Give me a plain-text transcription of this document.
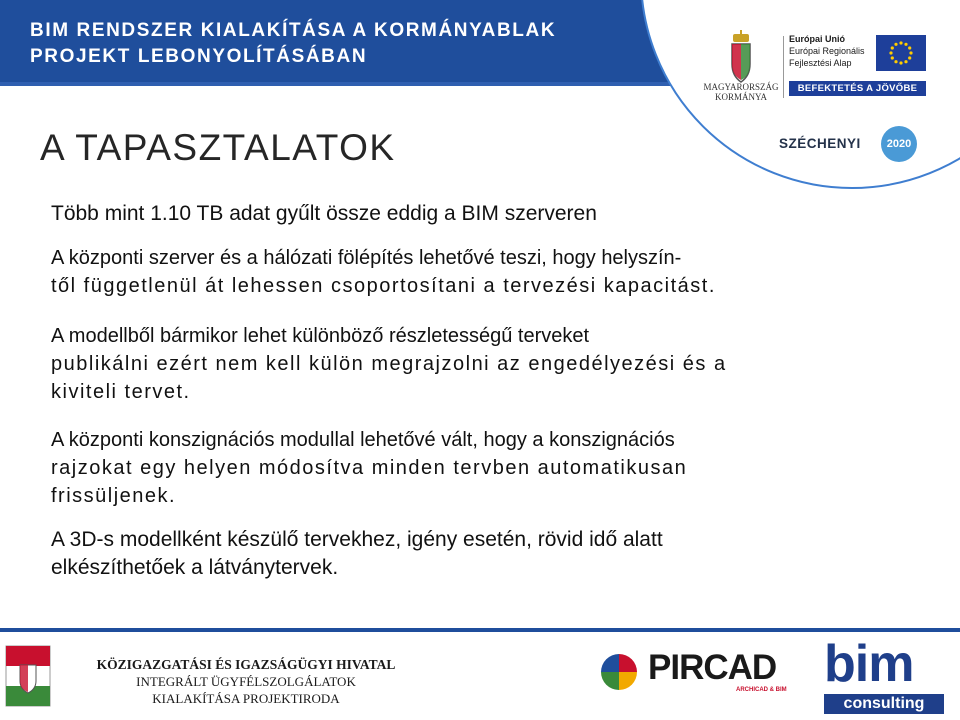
BIM RENDSZER KIALAKÍTÁSA A KORMÁNYABLAK
PROJEKT LEBONYOLÍTÁSÁBAN
MAGYARORSZÁG
KORMÁNYA
Európai Unió
Európai Regionális
Fejlesztési Alap
BEFEKTETÉS A JÖVŐBE
SZÉCHENYI	2020
A TAPASZTALATOK
Több mint 1.10 TB adat gyűlt össze eddig a BIM szerveren
A központi szerver és a hálózati fölépítés lehetővé teszi, hogy helyszín-
től függetlenül át lehessen csoportosítani a tervezési kapacitást.
A modellből bármikor lehet különböző részletességű terveket
publikálni ezért nem kell külön megrajzolni az engedélyezési és a
kiviteli tervet.
A központi konszignációs modullal lehetővé vált, hogy a konszignációs
rajzokat egy helyen módosítva minden tervben automatikusan
frissüljenek.
A 3D-s modellként készülő tervekhez, igény esetén, rövid idő alatt
elkészíthetőek a látványtervek.
KÖZIGAZGATÁSI ÉS IGAZSÁGÜGYI HIVATAL
INTEGRÁLT ÜGYFÉLSZOLGÁLATOK
KIALAKÍTÁSA PROJEKTIRODA
PIRCAD
ARCHICAD & BIM bim
consulting
